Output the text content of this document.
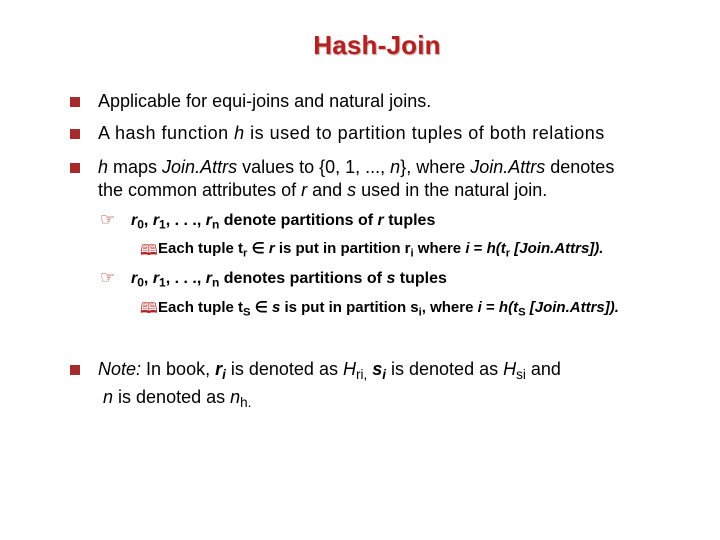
Hash-Join
Applicable for equi-joins and natural joins.
A hash function h is used to partition tuples of both relations
h maps Join.Attrs values to {0, 1, ..., n}, where Join.Attrs denotes
the common attributes of r and s used in the natural join.
☞ $r_0$, $r_1$, . . ., $r_n$ denote partitions of r tuples
🕮 Each tuple $t_r$ ∈ r is put in partition $r_i$ where $i = h(t_r$ [Join.Attrs]).
☞ $r_0$, $r_1$, . . ., $r_n$ denotes partitions of s tuples
🕮 Each tuple $t_S$ ∈ s is put in partition $s_i$, where $i = h(t_S$ [Join.Attrs]).
Note: In book, $r_i$ is denoted as $H_{ri,}$ $s_i$ is denoted as $H_{si}$ and
n is denoted as $n_{h.}$
